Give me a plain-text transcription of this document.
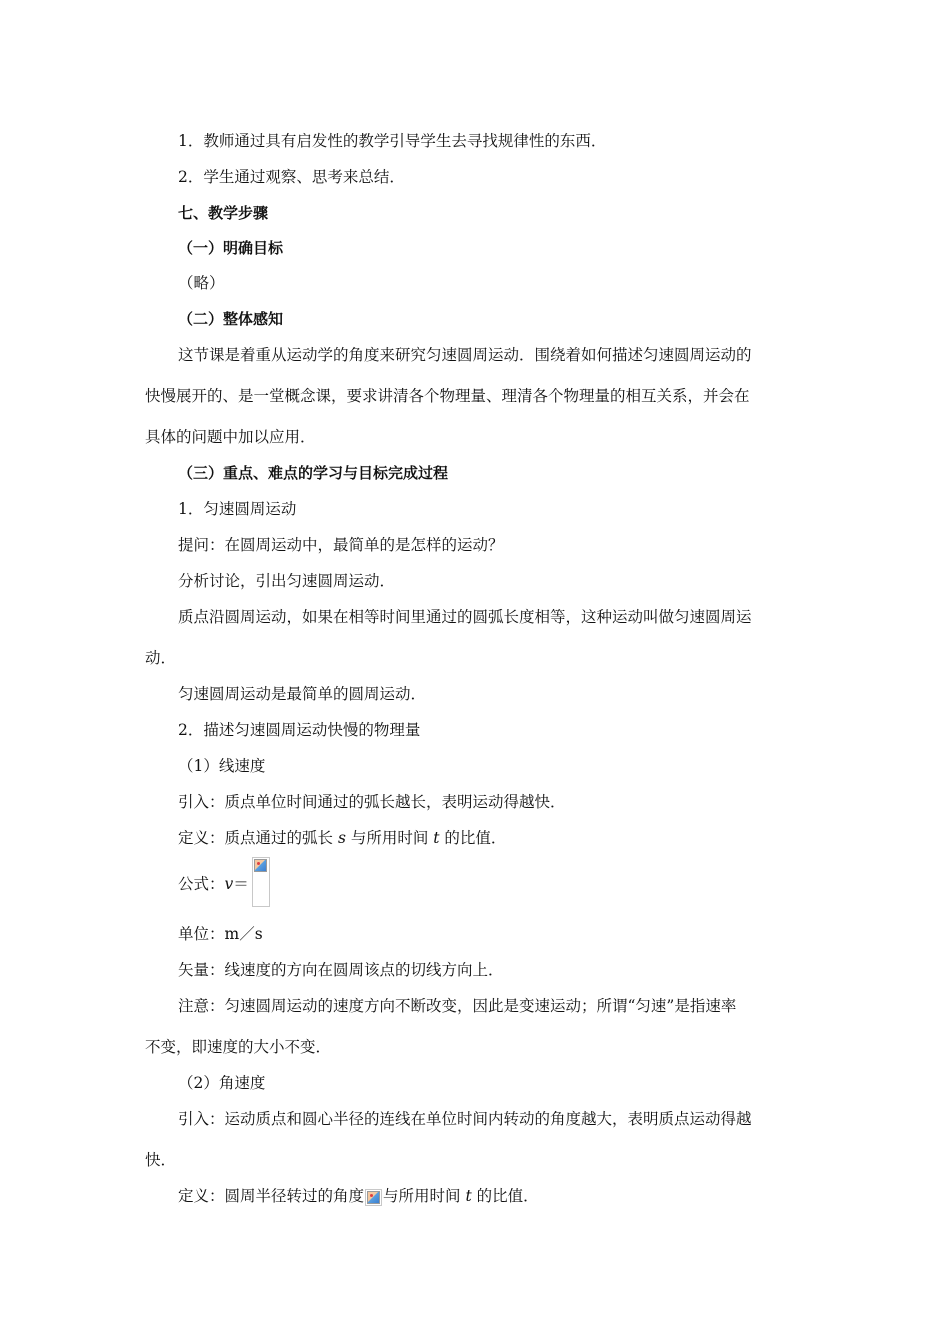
1．教师通过具有启发性的教学引导学生去寻找规律性的东西．
2．学生通过观察、思考来总结．
七、教学步骤
（一）明确目标
（略）
（二）整体感知
这节课是着重从运动学的角度来研究匀速圆周运动．围绕着如何描述匀速圆周运动的
快慢展开的、是一堂概念课，要求讲清各个物理量、理清各个物理量的相互关系，并会在
具体的问题中加以应用．
（三）重点、难点的学习与目标完成过程
1．匀速圆周运动
提问：在圆周运动中，最简单的是怎样的运动？
分析讨论，引出匀速圆周运动．
质点沿圆周运动，如果在相等时间里通过的圆弧长度相等，这种运动叫做匀速圆周运
动．
匀速圆周运动是最简单的圆周运动．
2．描述匀速圆周运动快慢的物理量
（1）线速度
引入：质点单位时间通过的弧长越长，表明运动得越快．
定义：质点通过的弧长 s 与所用时间 t 的比值．
公式：v＝
单位：m／s
矢量：线速度的方向在圆周该点的切线方向上．
注意：匀速圆周运动的速度方向不断改变，因此是变速运动；所谓“匀速”是指速率
不变，即速度的大小不变．
（2）角速度
引入：运动质点和圆心半径的连线在单位时间内转动的角度越大，表明质点运动得越
快．
定义：圆周半径转过的角度 与所用时间 t 的比值．
